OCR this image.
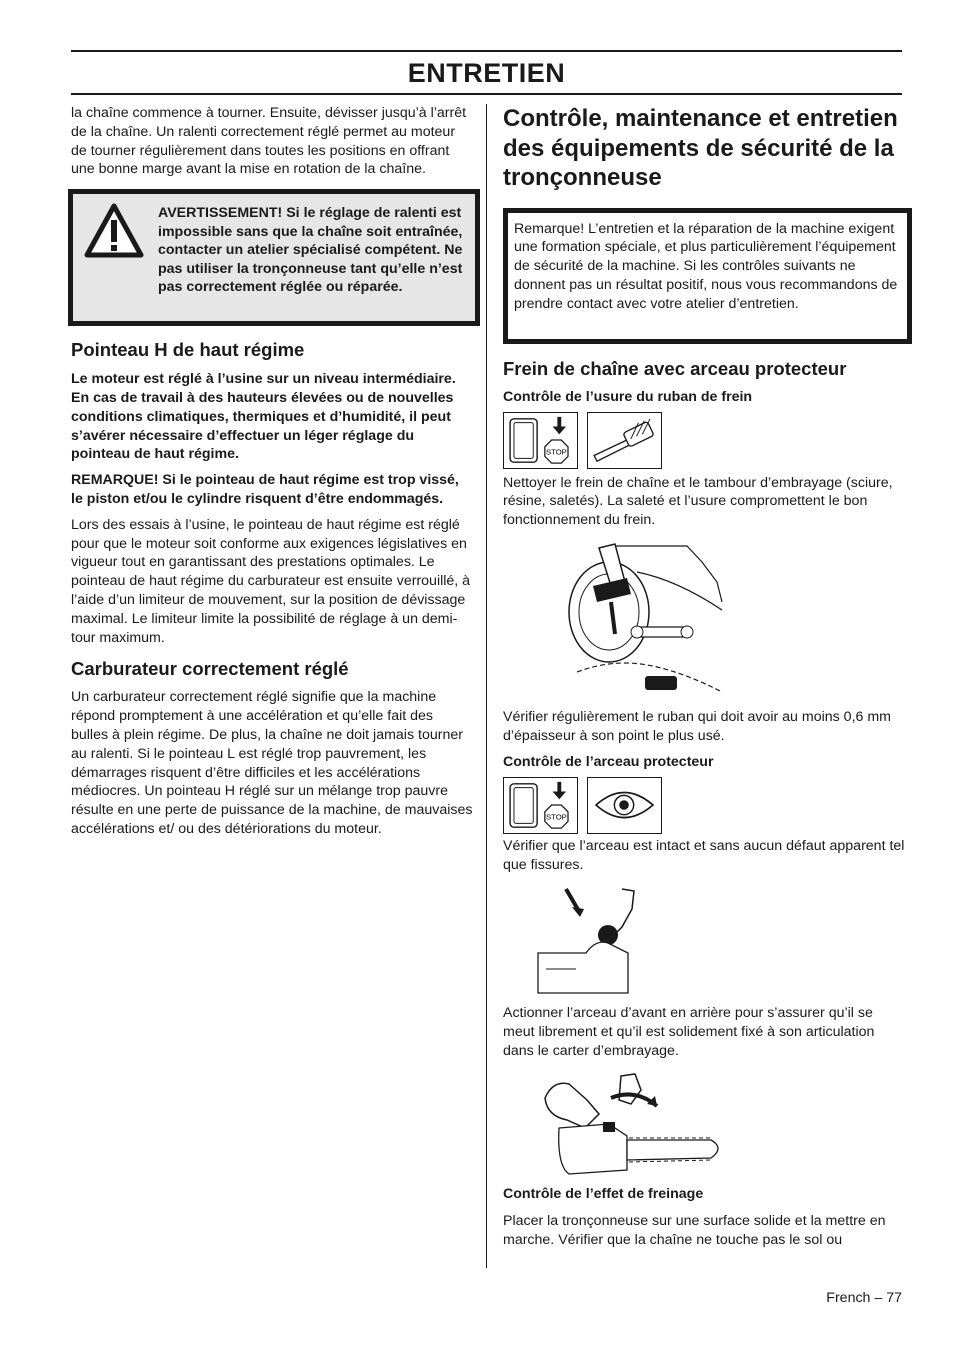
ENTRETIEN

la chaîne commence à tourner. Ensuite, dévisser jusqu’à l’arrêt de la chaîne. Un ralenti correctement réglé permet au moteur de tourner régulièrement dans toutes les positions en offrant une bonne marge avant la mise en rotation de la chaîne.

AVERTISSEMENT! Si le réglage de ralenti est impossible sans que la chaîne soit entraînée, contacter un atelier spécialisé compétent. Ne pas utiliser la tronçonneuse tant qu’elle n’est pas correctement réglée ou réparée.
Pointeau H de haut régime

Le moteur est réglé à l’usine sur un niveau intermédiaire. En cas de travail à des hauteurs élevées ou de nouvelles conditions climatiques, thermiques et d’humidité, il peut s’avérer nécessaire d’effectuer un léger réglage du pointeau de haut régime.

REMARQUE! Si le pointeau de haut régime est trop vissé, le piston et/ou le cylindre risquent d’être endommagés.

Lors des essais à l’usine, le pointeau de haut régime est réglé pour que le moteur soit conforme aux exigences législatives en vigueur tout en garantissant des prestations optimales. Le pointeau de haut régime du carburateur est ensuite verrouillé, à l’aide d’un limiteur de mouvement, sur la position de dévissage maximal. Le limiteur limite la possibilité de réglage à un demi-tour maximum.

Carburateur correctement réglé

Un carburateur correctement réglé signifie que la machine répond promptement à une accélération et qu’elle fait des bulles à plein régime. De plus, la chaîne ne doit jamais tourner au ralenti. Si le pointeau L est réglé trop pauvrement, les démarrages risquent d’être difficiles et les accélérations médiocres. Un pointeau H réglé sur un mélange trop pauvre résulte en une perte de puissance de la machine, de mauvaises accélérations et/ ou des détériorations du moteur.

Contrôle, maintenance et entretien des équipements de sécurité de la tronçonneuse

Remarque! L’entretien et la réparation de la machine exigent une formation spéciale, et plus particulièrement l’équipement de sécurité de la machine. Si les contrôles suivants ne donnent pas un résultat positif, nous vous recommandons de prendre contact avec votre atelier d’entretien.

Frein de chaîne avec arceau protecteur
Contrôle de l’usure du ruban de frein
STOP

Nettoyer le frein de chaîne et le tambour d’embrayage (sciure, résine, saletés). La saleté et l’usure compromettent le bon fonctionnement du frein.

Vérifier régulièrement le ruban qui doit avoir au moins 0,6 mm d’épaisseur à son point le plus usé.

Contrôle de l’arceau protecteur
STOP

Vérifier que l’arceau est intact et sans aucun défaut apparent tel que fissures.

Actionner l’arceau d’avant en arrière pour s’assurer qu’il se meut librement et qu’il est solidement fixé à son articulation dans le carter d’embrayage.

Contrôle de l’effet de freinage

Placer la tronçonneuse sur une surface solide et la mettre en marche. Vérifier que la chaîne ne touche pas le sol ou

French – 77
